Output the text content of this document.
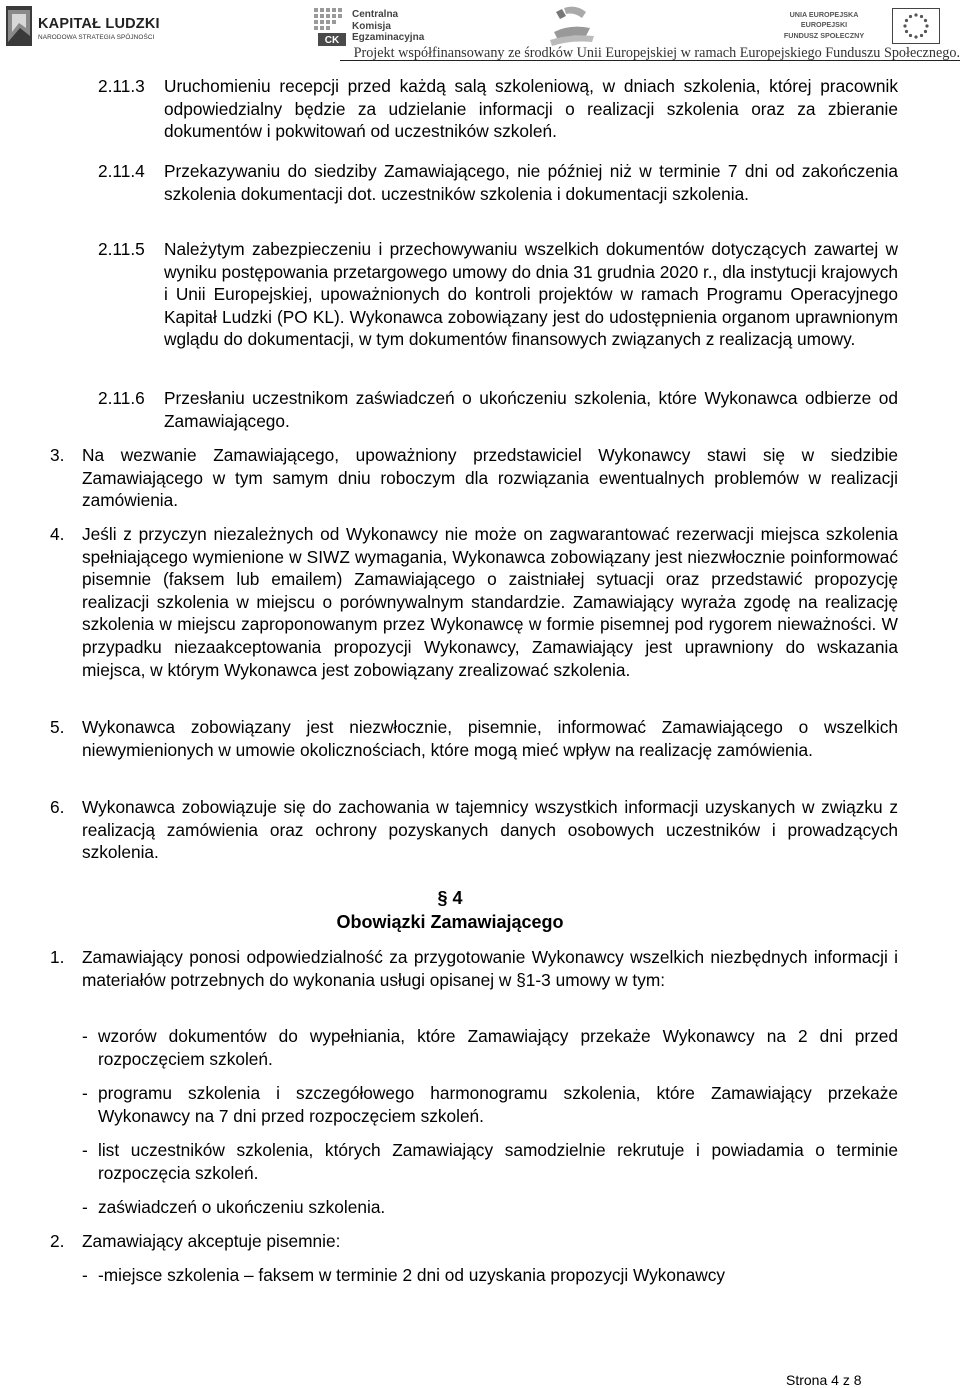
KAPITAŁ LUDZKI
NARODOWA STRATEGIA SPÓJNOŚCI	CK
Centralna
Komisja
Egzaminacyjna
UNIA EUROPEJSKA
EUROPEJSKI
FUNDUSZ SPOŁECZNY
Projekt współfinansowany ze środków Unii Europejskiej w ramach Europejskiego Funduszu Społecznego.
2.11.3 Uruchomieniu recepcji przed każdą salą szkoleniową, w dniach szkolenia, której pracownik odpowiedzialny będzie za udzielanie informacji o realizacji szkolenia oraz za zbieranie dokumentów i pokwitowań od uczestników szkoleń.
2.11.4 Przekazywaniu do siedziby Zamawiającego, nie później niż w terminie 7 dni od zakończenia szkolenia dokumentacji dot. uczestników szkolenia i dokumentacji szkolenia.
2.11.5 Należytym zabezpieczeniu i przechowywaniu wszelkich dokumentów dotyczących zawartej w wyniku postępowania przetargowego umowy do dnia 31 grudnia 2020 r., dla instytucji krajowych i Unii Europejskiej, upoważnionych do kontroli projektów w ramach Programu Operacyjnego Kapitał Ludzki (PO KL). Wykonawca zobowiązany jest do udostępnienia organom uprawnionym wglądu do dokumentacji, w tym dokumentów finansowych związanych z realizacją umowy.
2.11.6 Przesłaniu uczestnikom zaświadczeń o ukończeniu szkolenia, które Wykonawca odbierze od Zamawiającego.
3. Na wezwanie Zamawiającego, upoważniony przedstawiciel Wykonawcy stawi się w siedzibie Zamawiającego w tym samym dniu roboczym dla rozwiązania ewentualnych problemów w realizacji zamówienia.
4. Jeśli z przyczyn niezależnych od Wykonawcy nie może on zagwarantować rezerwacji miejsca szkolenia spełniającego wymienione w SIWZ wymagania, Wykonawca zobowiązany jest niezwłocznie poinformować pisemnie (faksem lub emailem) Zamawiającego o zaistniałej sytuacji oraz przedstawić propozycję realizacji szkolenia w miejscu o porównywalnym standardzie. Zamawiający wyraża zgodę na realizację szkolenia w miejscu zaproponowanym przez Wykonawcę w formie pisemnej pod rygorem nieważności. W przypadku niezaakceptowania propozycji Wykonawcy, Zamawiający jest uprawniony do wskazania miejsca, w którym Wykonawca jest zobowiązany zrealizować szkolenia.
5. Wykonawca zobowiązany jest niezwłocznie, pisemnie, informować Zamawiającego o wszelkich niewymienionych w umowie okolicznościach, które mogą mieć wpływ na realizację zamówienia.
6. Wykonawca zobowiązuje się do zachowania w tajemnicy wszystkich informacji uzyskanych w związku z realizacją zamówienia oraz ochrony pozyskanych danych osobowych uczestników i prowadzących szkolenia.
§ 4
Obowiązki Zamawiającego
1. Zamawiający ponosi odpowiedzialność za przygotowanie Wykonawcy wszelkich niezbędnych informacji i materiałów potrzebnych do wykonania usługi opisanej w §1-3 umowy w tym:
- wzorów dokumentów do wypełniania, które Zamawiający przekaże Wykonawcy na 2 dni przed rozpoczęciem szkoleń.
- programu szkolenia i szczegółowego harmonogramu szkolenia, które Zamawiający przekaże Wykonawcy na 7 dni przed rozpoczęciem szkoleń.
- list uczestników szkolenia, których Zamawiający samodzielnie rekrutuje i powiadamia o terminie rozpoczęcia szkoleń.
- zaświadczeń o ukończeniu szkolenia.
2. Zamawiający akceptuje pisemnie:
- -miejsce szkolenia – faksem w terminie 2 dni od uzyskania propozycji Wykonawcy
Strona 4 z 8
